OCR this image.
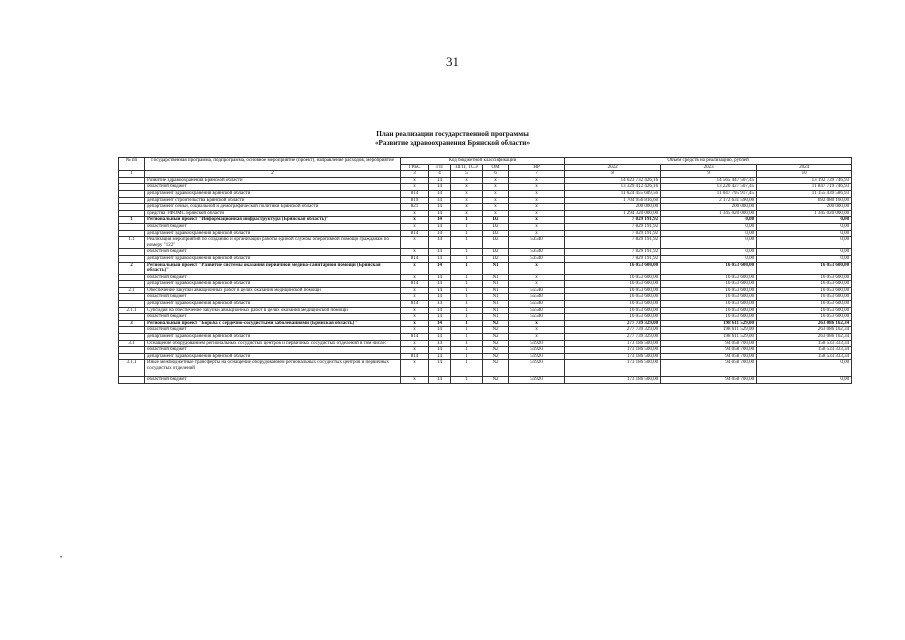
31
План реализации государственной программы
«Развитие здравоохранения Брянской области»
№ пп	Государственная программа, подпрограмма, основное мероприятие (проект), направление расходов, мероприятие	Код бюджетной классификации					Объем средств на реализацию, рублей		
		ГРБС	ГП	ПГП, ТСЭ	ОМ	НР	2022	2023	2024
1	2	3	4	5	6	7	8	9	10
	Развитие здравоохранения Брянской области	x	14	x	x	x	14 623 732 426,16	14 565 447 507,45	13 192 739 746,93
	областной бюджет	x	14	x	x	x	13 329 412 426,16	13 220 427 507,45	11 847 719 746,93
	департамент здравоохранения Брянской области	814	14	x	x	x	11 624 455 609,56	11 047 795 917,45	11 155 439 586,93
	департамент строительства Брянской области	819	14	x	x	x	1 704 956 816,60	2 172 631 590,00	692 080 160,00
	департамент семьи, социальной и демографической политики Брянской области	821	14	x	x	x	200 000,00	200 000,00	200 000,00
	средства ТФОМС Брянской области	x	14	x	x	x	1 294 320 000,00	1 345 020 000,00	1 345 020 000,00
1	Региональный проект "Информационная инфраструктура (Брянская область)"	x	14	1	D2	x	7 829 191,92	0,00	0,00
	областной бюджет	x	14	1	D2	x	7 829 191,92	0,00	0,00
	департамент здравоохранения Брянской области	814	14	1	D2	x	7 829 191,92	0,00	0,00
1.1	Реализация мероприятий по созданию и организации работы единой службы оперативной помощи гражданам по номеру "122"	x	14	1	D2	53540	7 829 191,92	0,00	0,00
	областной бюджет	x	14	1	D2	53540	7 829 191,92	0,00	0,00
	департамент здравоохранения Брянской области	814	14	1	D2	53540	7 829 191,92	0,00	0,00
2	Региональный проект "Развитие системы оказания первичной медико-санитарной помощи (Брянская область)"	x	14	1	N1	x	16 053 600,00	16 053 600,00	16 053 600,00
	областной бюджет	x	14	1	N1	x	16 053 600,00	16 053 600,00	16 053 600,00
	департамент здравоохранения Брянской области	814	14	1	N1	x	16 053 600,00	16 053 600,00	16 053 600,00
2.1	Обеспечение закупки авиационных работ в целях оказания медицинской помощи	x	14	1	N1	55540	16 053 600,00	16 053 600,00	16 053 600,00
	областной бюджет	x	14	1	N1	55540	16 053 600,00	16 053 600,00	16 053 600,00
	департамент здравоохранения Брянской области	814	14	1	N1	55540	16 053 600,00	16 053 600,00	16 053 600,00
2.1.1	Субсидия на обеспечение закупки авиационных работ в целях оказания медицинской помощи	x	14	1	N1	55540	16 053 600,00	16 053 600,00	16 053 600,00
	областной бюджет	x	14	1	N1	55540	16 053 600,00	16 053 600,00	16 053 600,00
3	Региональный проект "Борьба с сердечно-сосудистыми заболеваниями (Брянская область)"	x	14	1	N2	x	277 739 329,00	198 611 529,00	263 086 162,34
	областной бюджет	x	14	1	N2	x	277 739 329,00	198 611 529,00	263 086 162,34
	департамент здравоохранения Брянской области	814	14	1	N2	x	277 739 329,00	198 611 529,00	263 086 162,34
3.1	Оснащение оборудованием региональных сосудистых центров и первичных сосудистых отделений в том числе:	x	14	1	N2	51920	173 186 500,00	94 058 700,00	158 533 333,34
	областной бюджет	x	14	1	N2	51920	173 186 500,00	94 058 700,00	158 533 333,34
	департамент здравоохранения Брянской области	814	14	1	N2	51920	173 186 500,00	94 058 700,00	158 533 333,34
3.1.1	Иные межбюджетные трансферты на оснащение оборудованием региональных сосудистых центров и первичных сосудистых отделений	x	14	1	N2	51920	173 186 500,00	94 058 700,00	0,00
	областной бюджет	x	14	1	N2	51920	173 186 500,00	94 058 700,00	0,00
•
